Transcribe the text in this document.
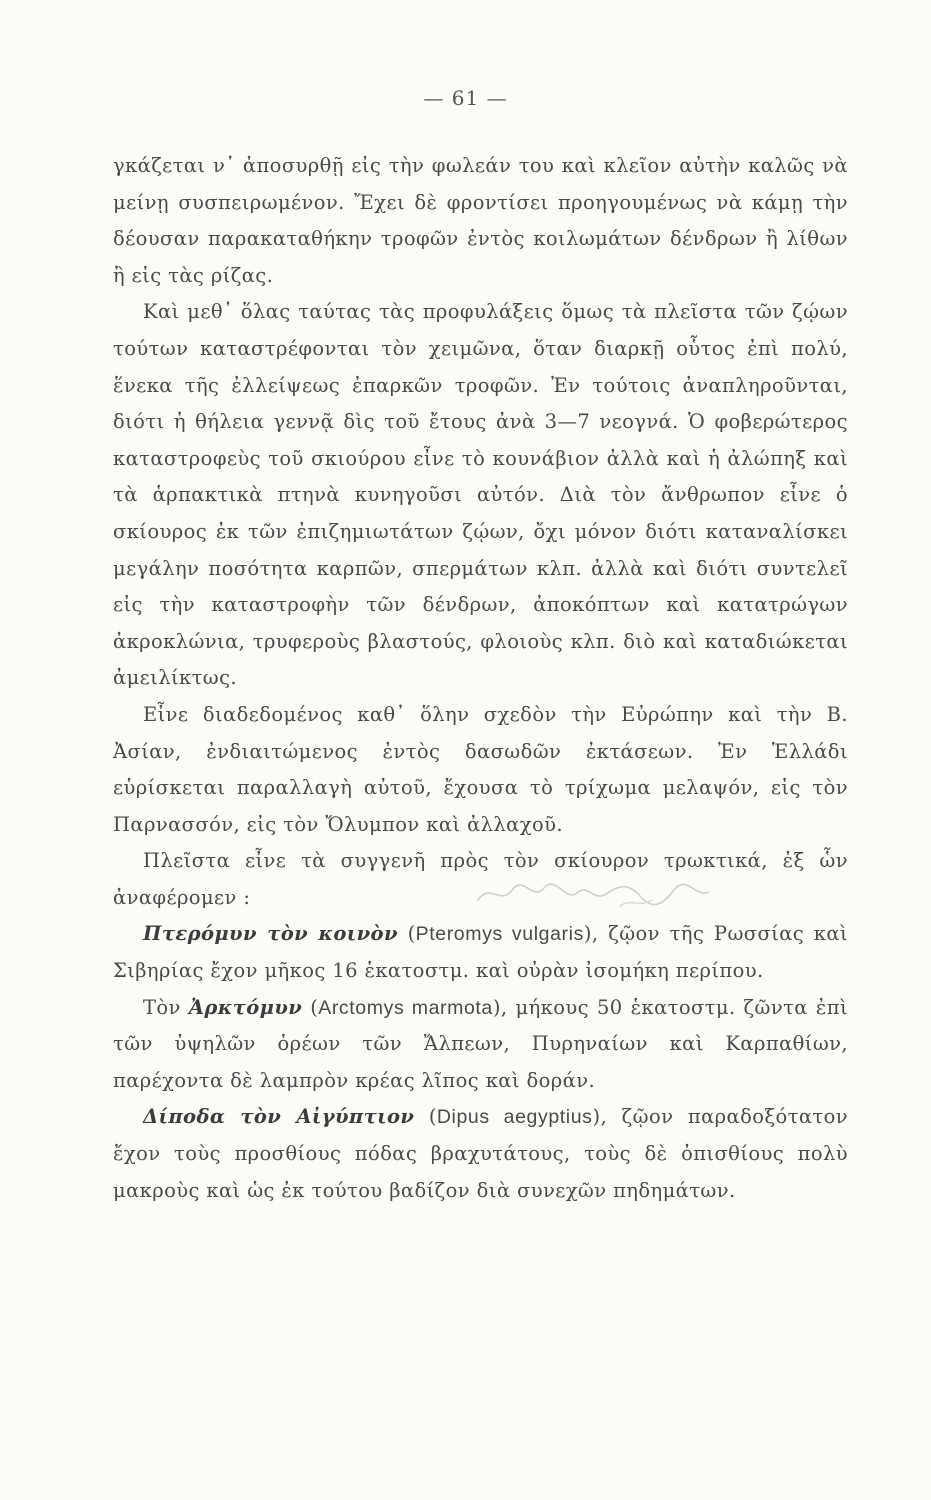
— 61 —

γκάζεται ν᾽ ἀποσυρθῇ εἰς τὴν φωλεάν του καὶ κλεῖον αὐτὴν καλῶς νὰ μείνῃ συσπειρωμένον. Ἔχει δὲ φροντίσει προηγουμένως νὰ κάμῃ τὴν δέουσαν παρακαταθήκην τροφῶν ἐντὸς κοιλωμάτων δένδρων ἢ λίθων ἢ εἰς τὰς ρίζας.

Καὶ μεθ᾽ ὅλας ταύτας τὰς προφυλάξεις ὅμως τὰ πλεῖστα τῶν ζῴων τούτων καταστρέφονται τὸν χειμῶνα, ὅταν διαρκῇ οὗτος ἐπὶ πολύ, ἕνεκα τῆς ἐλλείψεως ἐπαρκῶν τροφῶν. Ἐν τούτοις ἀναπληροῦνται, διότι ἡ θήλεια γεννᾷ δὶς τοῦ ἔτους ἀνὰ 3—7 νεογνά. Ὁ φοβερώτερος καταστροφεὺς τοῦ σκιούρου εἶνε τὸ κουνάβιον ἀλλὰ καὶ ἡ ἀλώπηξ καὶ τὰ ἁρπακτικὰ πτηνὰ κυνηγοῦσι αὐτόν. Διὰ τὸν ἄνθρωπον εἶνε ὁ σκίουρος ἐκ τῶν ἐπιζημιωτάτων ζῴων, ὄχι μόνον διότι καταναλίσκει μεγάλην ποσότητα καρπῶν, σπερμάτων κλπ. ἀλλὰ καὶ διότι συντελεῖ εἰς τὴν καταστροφὴν τῶν δένδρων, ἀποκόπτων καὶ κατατρώγων ἀκροκλώνια, τρυφεροὺς βλαστούς, φλοιοὺς κλπ. διὸ καὶ καταδιώκεται ἀμειλίκτως.

Εἶνε διαδεδομένος καθ᾽ ὅλην σχεδὸν τὴν Εὐρώπην καὶ τὴν Β. Ἀσίαν, ἐνδιαιτώμενος ἐντὸς δασωδῶν ἐκτάσεων. Ἐν Ἑλλάδι εὑρίσκεται παραλλαγὴ αὐτοῦ, ἔχουσα τὸ τρίχωμα μελαψόν, εἰς τὸν Παρνασσόν, εἰς τὸν Ὄλυμπον καὶ ἀλλαχοῦ.

Πλεῖστα εἶνε τὰ συγγενῆ πρὸς τὸν σκίουρον τρωκτικά, ἐξ ὧν ἀναφέρομεν :

Πτερόμυν τὸν κοινὸν (Pteromys vulgaris), ζῷον τῆς Ρωσσίας καὶ Σιβηρίας ἔχον μῆκος 16 ἑκατοστμ. καὶ οὐρὰν ἰσομήκη περίπου.

Τὸν Ἀρκτόμυν (Arctomys marmota), μήκους 50 ἑκατοστμ. ζῶντα ἐπὶ τῶν ὑψηλῶν ὀρέων τῶν Ἄλπεων, Πυρηναίων καὶ Καρπαθίων, παρέχοντα δὲ λαμπρὸν κρέας λῖπος καὶ δοράν.

Δίποδα τὸν Αἰγύπτιον (Dipus aegyptius), ζῷον παραδοξότατον ἔχον τοὺς προσθίους πόδας βραχυτάτους, τοὺς δὲ ὀπισθίους πολὺ μακροὺς καὶ ὡς ἐκ τούτου βαδίζον διὰ συνεχῶν πηδημάτων.
